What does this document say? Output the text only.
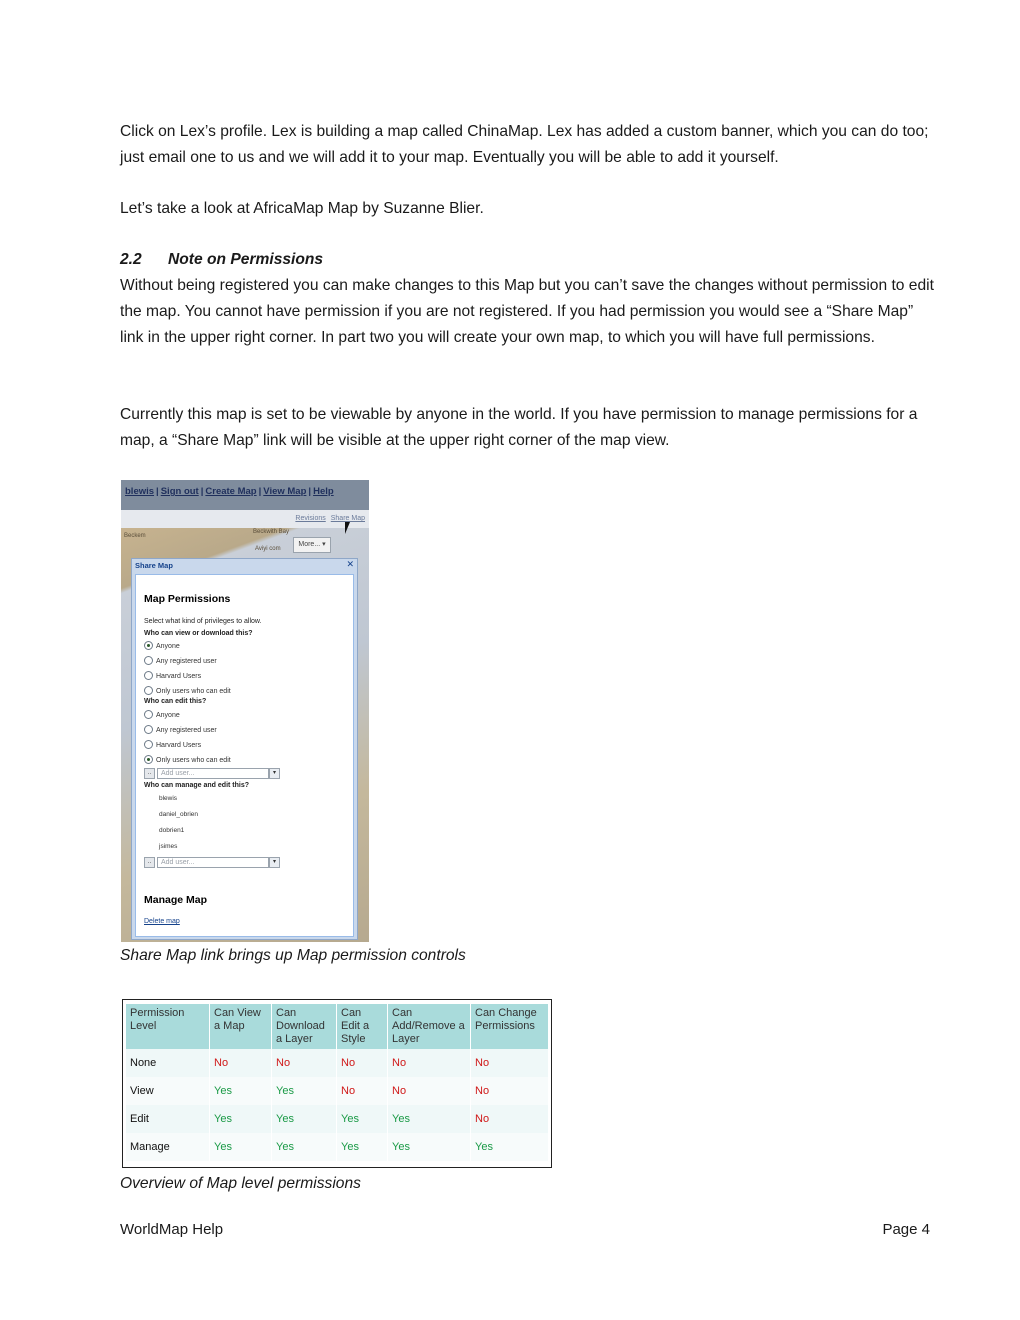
Click on Lex’s profile. Lex is building a map called ChinaMap. Lex has added a custom banner, which you can do too; just email one to us and we will add it to your map. Eventually you will be able to add it yourself.

Let’s take a look at AfricaMap Map by Suzanne Blier.

2.2 Note on Permissions

Without being registered you can make changes to this Map but you can’t save the changes without permission to edit the map. You cannot have permission if you are not registered. If you had permission you would see a “Share Map” link in the upper right corner. In part two you will create your own map, to which you will have full permissions.

Currently this map is set to be viewable by anyone in the world. If you have permission to manage permissions for a map, a “Share Map” link will be visible at the upper right corner of the map view.

blewis | Sign out | Create Map | View Map | Help
Revisions Share Map
Beckwith Bay
Beckem
Aviyi com
More... ▾
Share Map	✕
Map Permissions
Select what kind of privileges to allow.
Who can view or download this?
Anyone
Any registered user
Harvard Users
Only users who can edit
Who can edit this?
Anyone
Any registered user
Harvard Users
Only users who can edit
..	Add user...	▾
Who can manage and edit this?
blewis
daniel_obrien
dobrien1
jsimes
..	Add user...	▾
Manage Map
Delete map
Share Map link brings up Map permission controls
Permission Level	Can View a Map	Can Download a Layer	Can Edit a Style	Can Add/Remove a Layer	Can Change Permissions
None	No	No	No	No	No
View	Yes	Yes	No	No	No
Edit	Yes	Yes	Yes	Yes	No
Manage	Yes	Yes	Yes	Yes	Yes
Overview of Map level permissions
WorldMap Help	Page 4
